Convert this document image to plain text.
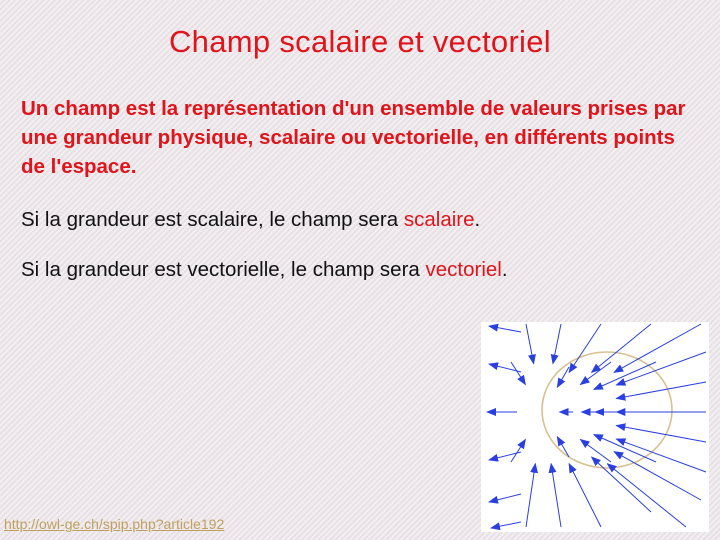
Champ scalaire et vectoriel
Un champ est la représentation d'un ensemble de valeurs prises par une grandeur physique, scalaire ou vectorielle, en différents points de l'espace.
Si la grandeur est scalaire, le champ sera scalaire.
Si la grandeur est vectorielle, le champ sera vectoriel.
http://owl-ge.ch/spip.php?article192
